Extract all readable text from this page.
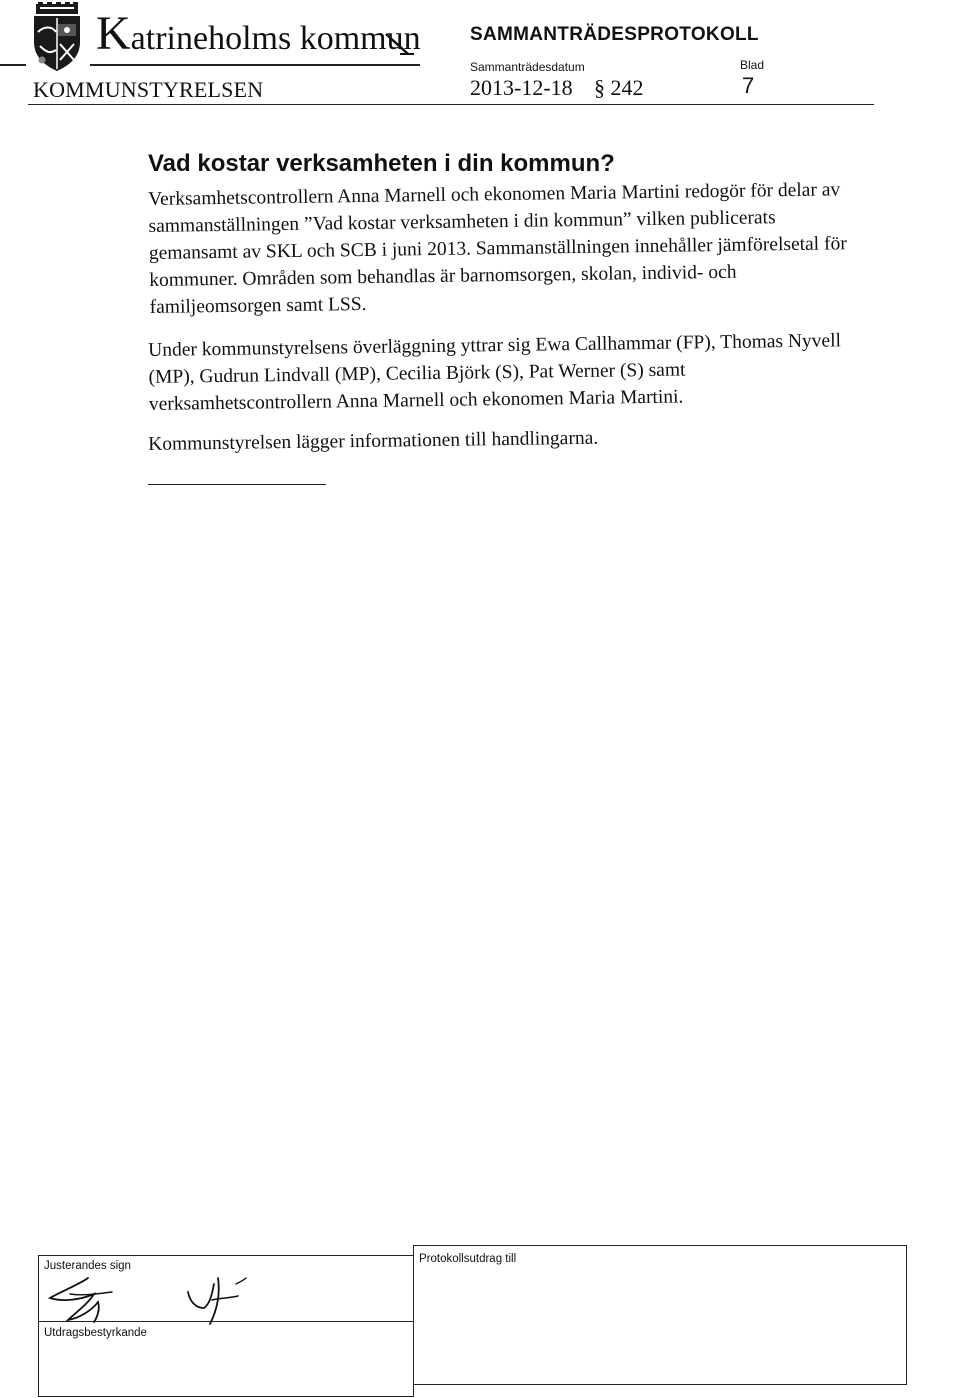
Katrineholms kommun	SAMMANTRÄDESPROTOKOLL
KOMMUNSTYRELSEN
Sammanträdesdatum	Blad
2013-12-18 § 242	7
Vad kostar verksamheten i din kommun?
Verksamhetscontrollern Anna Marnell och ekonomen Maria Martini redogör för delar av sammanställningen ”Vad kostar verksamheten i din kommun” vilken publicerats gemansamt av SKL och SCB i juni 2013. Sammanställningen innehåller jämförelsetal för kommuner. Områden som behandlas är barnomsorgen, skolan, individ- och familjeomsorgen samt LSS.
Under kommunstyrelsens överläggning yttrar sig Ewa Callhammar (FP), Thomas Nyvell (MP), Gudrun Lindvall (MP), Cecilia Björk (S), Pat Werner (S) samt verksamhetscontrollern Anna Marnell och ekonomen Maria Martini.
Kommunstyrelsen lägger informationen till handlingarna.
Justerandes sign
Protokollsutdrag till
Utdragsbestyrkande
